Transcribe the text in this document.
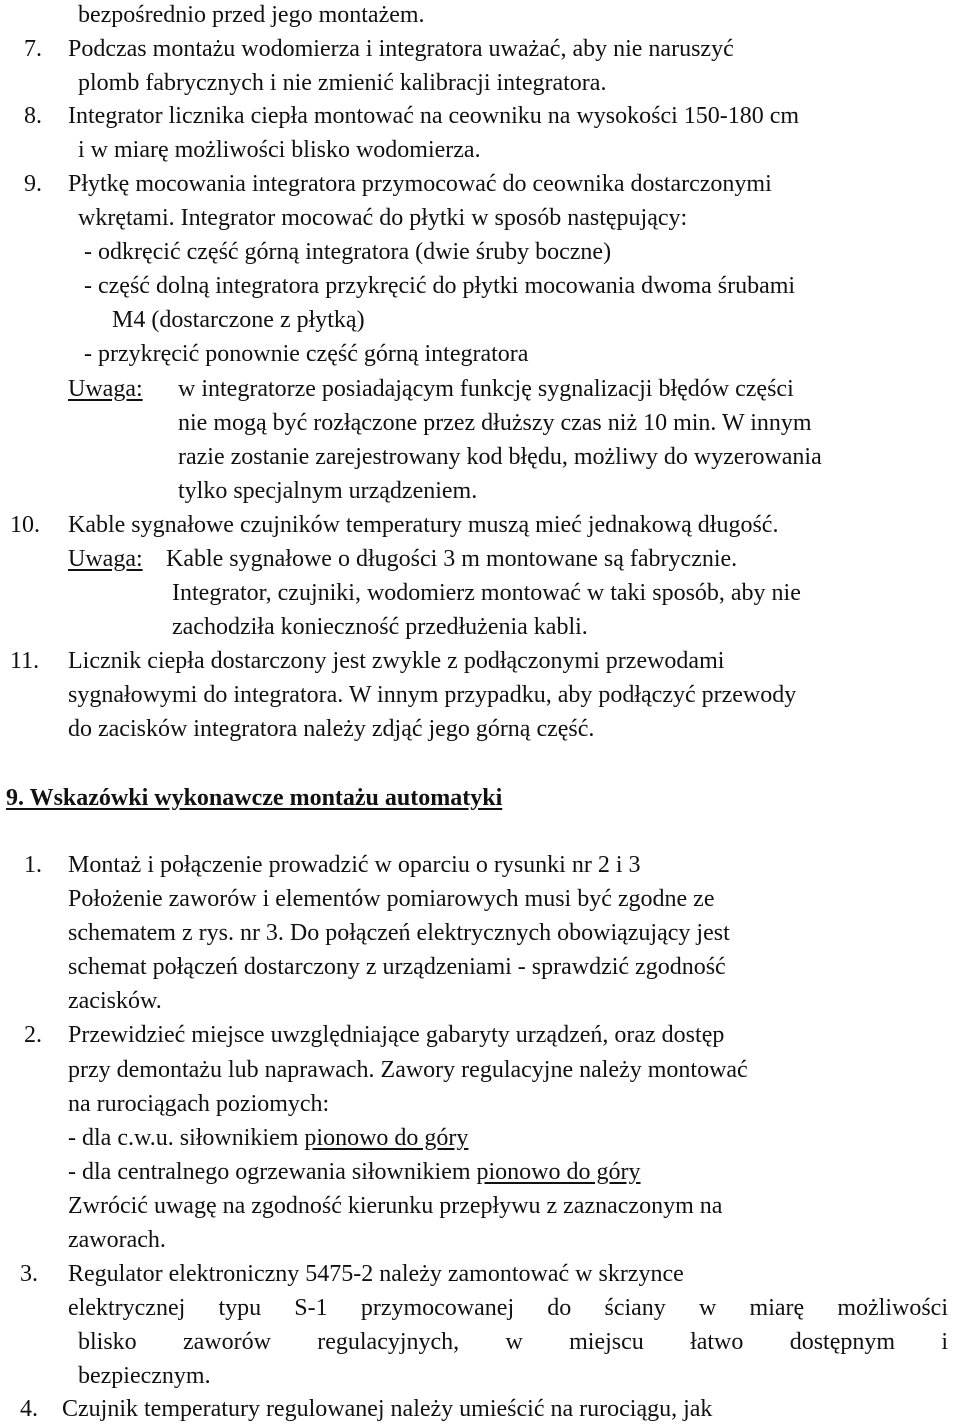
bezpośrednio przed jego montażem.

7. Podczas montażu wodomierza i integratora uważać, aby nie naruszyć

plomb fabrycznych i nie zmienić kalibracji integratora.

8. Integrator licznika ciepła montować na ceowniku na wysokości 150-180 cm

i w miarę możliwości blisko wodomierza.

9. Płytkę mocowania integratora przymocować do ceownika dostarczonymi

wkrętami. Integrator mocować do płytki w sposób następujący:

- odkręcić część górną integratora (dwie śruby boczne)

- część dolną integratora przykręcić do płytki mocowania dwoma śrubami

M4 (dostarczone z płytką)

- przykręcić ponownie część górną integratora

Uwaga: w integratorze posiadającym funkcję sygnalizacji błędów części

nie mogą być rozłączone przez dłuższy czas niż 10 min. W innym

razie zostanie zarejestrowany kod błędu, możliwy do wyzerowania

tylko specjalnym urządzeniem.

10. Kable sygnałowe czujników temperatury muszą mieć jednakową długość.

Uwaga: Kable sygnałowe o długości 3 m montowane są fabrycznie.

Integrator, czujniki, wodomierz montować w taki sposób, aby nie

zachodziła konieczność przedłużenia kabli.

11. Licznik ciepła dostarczony jest zwykle z podłączonymi przewodami

sygnałowymi do integratora. W innym przypadku, aby podłączyć przewody

do zacisków integratora należy zdjąć jego górną część.

9. Wskazówki wykonawcze montażu automatyki

1. Montaż i połączenie prowadzić w oparciu o rysunki nr 2 i 3

Położenie zaworów i elementów pomiarowych musi być zgodne ze

schematem z rys. nr 3. Do połączeń elektrycznych obowiązujący jest

schemat połączeń dostarczony z urządzeniami - sprawdzić zgodność

zacisków.

2. Przewidzieć miejsce uwzględniające gabaryty urządzeń, oraz dostęp

przy demontażu lub naprawach. Zawory regulacyjne należy montować

na rurociągach poziomych:

- dla c.w.u. siłownikiem pionowo do góry

- dla centralnego ogrzewania siłownikiem pionowo do góry

Zwrócić uwagę na zgodność kierunku przepływu z zaznaczonym na

zaworach.

3. Regulator elektroniczny 5475-2 należy zamontować w skrzynce

elektrycznej typu S-1 przymocowanej do ściany w miarę możliwości

blisko zaworów regulacyjnych, w miejscu łatwo dostępnym i

bezpiecznym.

4. Czujnik temperatury regulowanej należy umieścić na rurociągu, jak
